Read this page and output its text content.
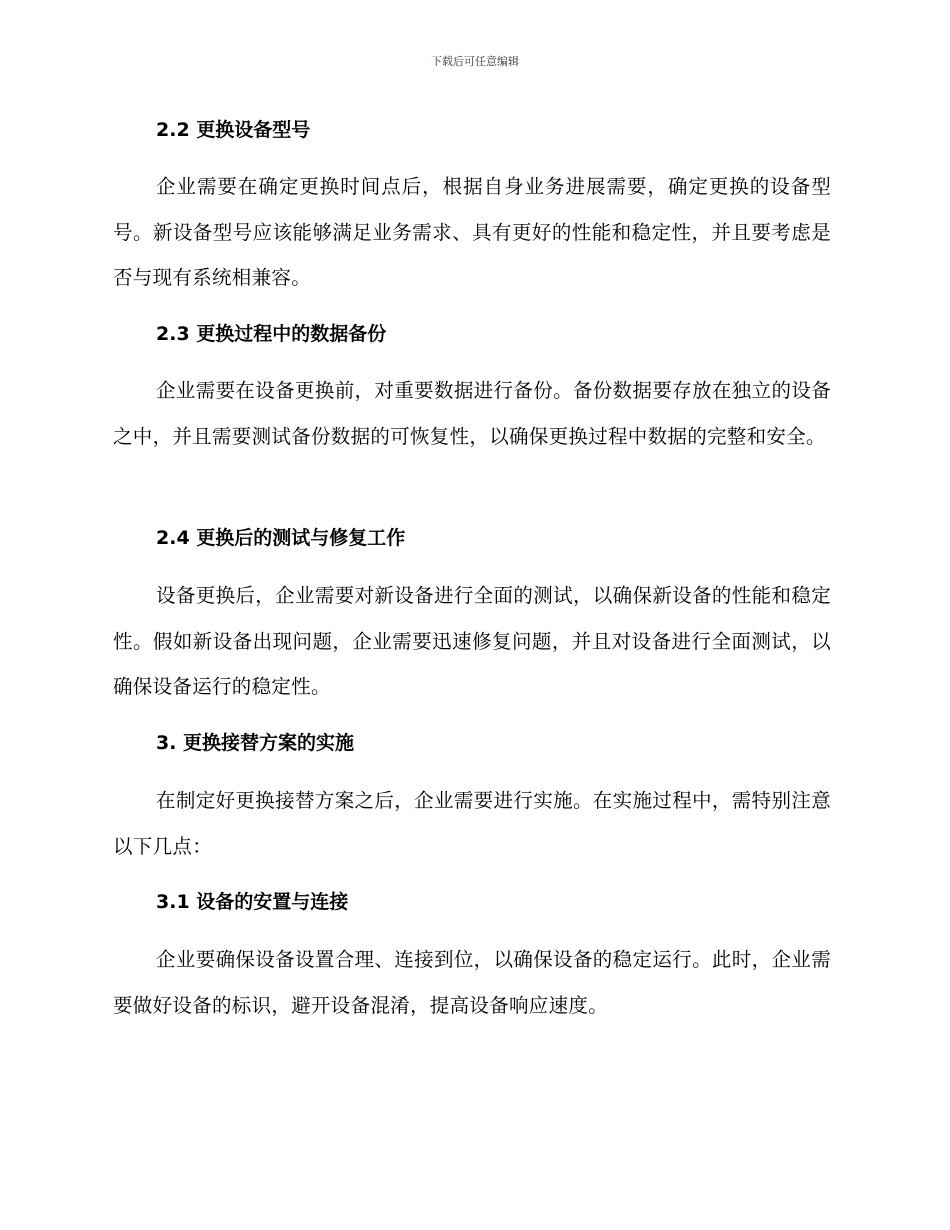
下载后可任意编辑
2.2 更换设备型号

企业需要在确定更换时间点后，根据自身业务进展需要，确定更换的设备型号。新设备型号应该能够满足业务需求、具有更好的性能和稳定性，并且要考虑是否与现有系统相兼容。

2.3 更换过程中的数据备份

企业需要在设备更换前，对重要数据进行备份。备份数据要存放在独立的设备之中，并且需要测试备份数据的可恢复性，以确保更换过程中数据的完整和安全。

2.4 更换后的测试与修复工作

设备更换后，企业需要对新设备进行全面的测试，以确保新设备的性能和稳定性。假如新设备出现问题，企业需要迅速修复问题，并且对设备进行全面测试，以确保设备运行的稳定性。

3. 更换接替方案的实施

在制定好更换接替方案之后，企业需要进行实施。在实施过程中，需特别注意以下几点：

3.1 设备的安置与连接

企业要确保设备设置合理、连接到位，以确保设备的稳定运行。此时，企业需要做好设备的标识，避开设备混淆，提高设备响应速度。
